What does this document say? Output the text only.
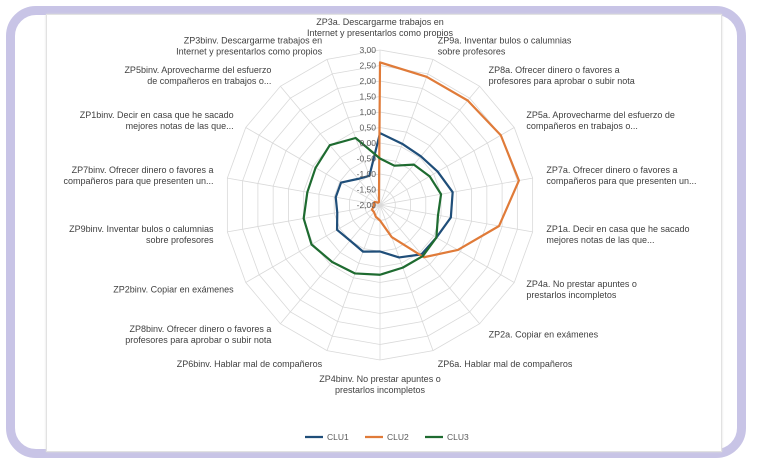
-2,00
-1,50
-1,00
-0,50
0,00
0,50
1,00
1,50
2,00
2,50
3,00
ZP3a. Descargarme trabajos en Internet y presentarlos como propios
ZP9a. Inventar bulos o calumnias sobre profesores
ZP8a. Ofrecer dinero o favores a profesores para aprobar o subir nota
ZP5a. Aprovecharme del esfuerzo de compañeros en trabajos o...
ZP7a. Ofrecer dinero o favores a compañeros para que presenten un...
ZP1a. Decir en casa que he sacado mejores notas de las que...
ZP4a. No prestar apuntes o prestarlos incompletos
ZP2a. Copiar en exámenes
ZP6a. Hablar mal de compañeros
ZP4binv. No prestar apuntes o prestarlos incompletos
ZP6binv. Hablar mal de compañeros
ZP8binv. Ofrecer dinero o favores a profesores para aprobar o subir nota
ZP2binv. Copiar en exámenes
ZP9binv. Inventar bulos o calumnias sobre profesores
ZP7binv. Ofrecer dinero o favores a compañeros para que presenten un...
ZP1binv. Decir en casa que he sacado mejores notas de las que...
ZP5binv. Aprovecharme del esfuerzo de compañeros en trabajos o...
ZP3binv. Descargarme trabajos en Internet y presentarlos como propios
CLU1	CLU2	CLU3
